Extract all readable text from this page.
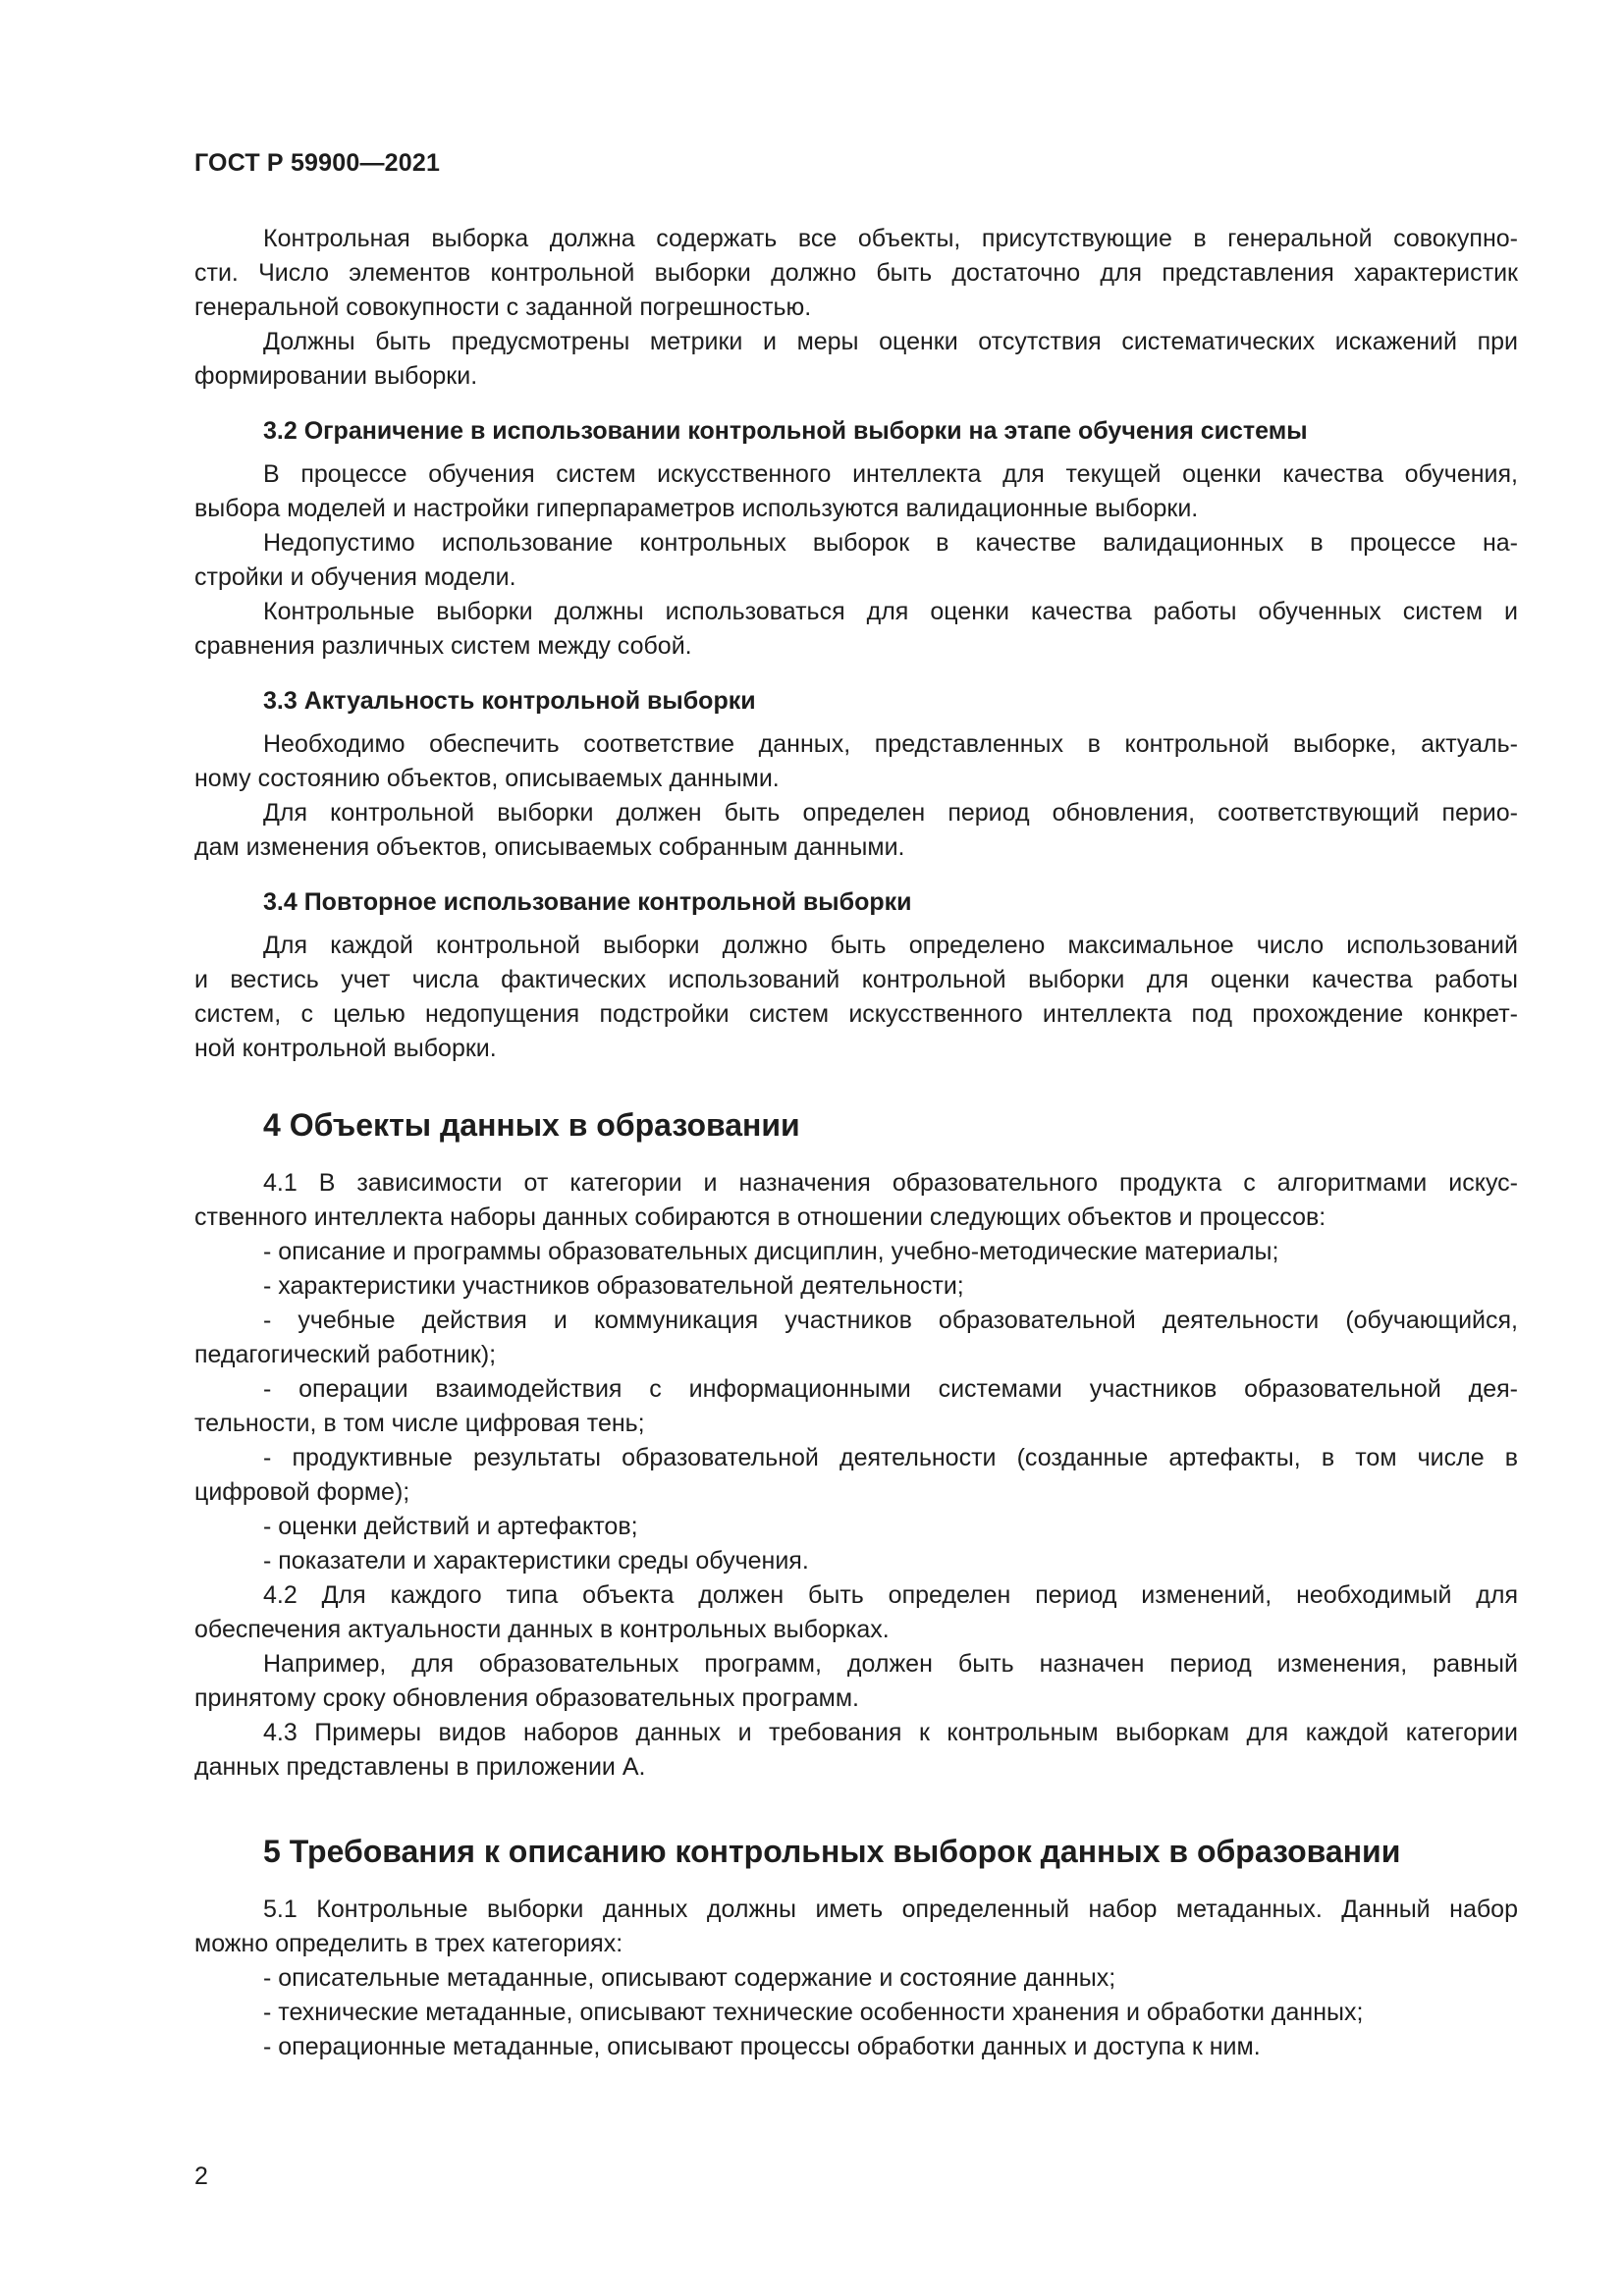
ГОСТ Р 59900—2021
Контрольная выборка должна содержать все объекты, присутствующие в генеральной совокупно-
сти. Число элементов контрольной выборки должно быть достаточно для представления характеристик
генеральной совокупности с заданной погрешностью.
Должны быть предусмотрены метрики и меры оценки отсутствия систематических искажений при
формировании выборки.
3.2 Ограничение в использовании контрольной выборки на этапе обучения системы
В процессе обучения систем искусственного интеллекта для текущей оценки качества обучения,
выбора моделей и настройки гиперпараметров используются валидационные выборки.
Недопустимо использование контрольных выборок в качестве валидационных в процессе на-
стройки и обучения модели.
Контрольные выборки должны использоваться для оценки качества работы обученных систем и
сравнения различных систем между собой.
3.3 Актуальность контрольной выборки
Необходимо обеспечить соответствие данных, представленных в контрольной выборке, актуаль-
ному состоянию объектов, описываемых данными.
Для контрольной выборки должен быть определен период обновления, соответствующий перио-
дам изменения объектов, описываемых собранным данными.
3.4 Повторное использование контрольной выборки
Для каждой контрольной выборки должно быть определено максимальное число использований
и вестись учет числа фактических использований контрольной выборки для оценки качества работы
систем, с целью недопущения подстройки систем искусственного интеллекта под прохождение конкрет-
ной контрольной выборки.
4 Объекты данных в образовании
4.1 В зависимости от категории и назначения образовательного продукта с алгоритмами искус-
ственного интеллекта наборы данных собираются в отношении следующих объектов и процессов:
- описание и программы образовательных дисциплин, учебно-методические материалы;
- характеристики участников образовательной деятельности;
- учебные действия и коммуникация участников образовательной деятельности (обучающийся,
педагогический работник);
- операции взаимодействия с информационными системами участников образовательной дея-
тельности, в том числе цифровая тень;
- продуктивные результаты образовательной деятельности (созданные артефакты, в том числе в
цифровой форме);
- оценки действий и артефактов;
- показатели и характеристики среды обучения.
4.2 Для каждого типа объекта должен быть определен период изменений, необходимый для
обеспечения актуальности данных в контрольных выборках.
Например, для образовательных программ, должен быть назначен период изменения, равный
принятому сроку обновления образовательных программ.
4.3 Примеры видов наборов данных и требования к контрольным выборкам для каждой категории
данных представлены в приложении А.
5 Требования к описанию контрольных выборок данных в образовании
5.1 Контрольные выборки данных должны иметь определенный набор метаданных. Данный набор
можно определить в трех категориях:
- описательные метаданные, описывают содержание и состояние данных;
- технические метаданные, описывают технические особенности хранения и обработки данных;
- операционные метаданные, описывают процессы обработки данных и доступа к ним.
2
